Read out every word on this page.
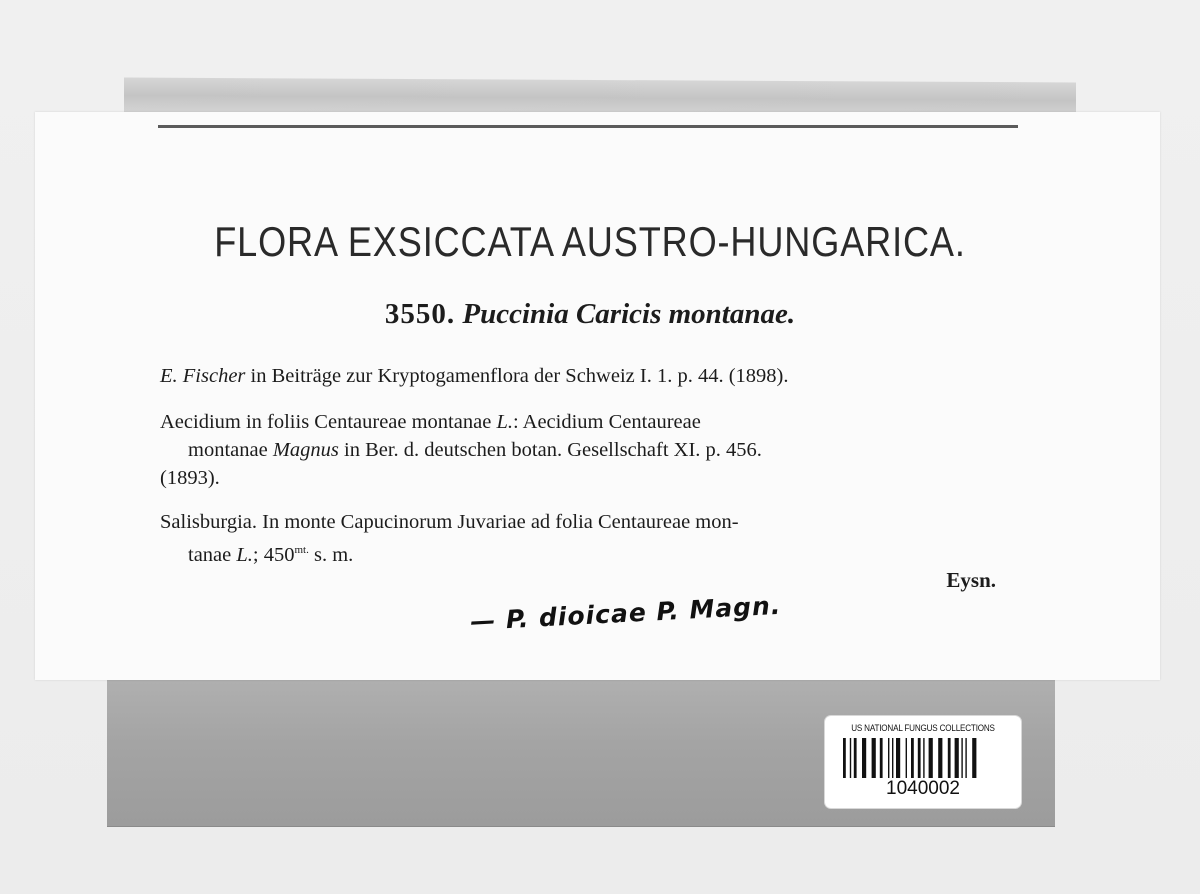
FLORA EXSICCATA AUSTRO-HUNGARICA.

3550. Puccinia Caricis montanae.

E. Fischer in Beiträge zur Kryptogamenflora der Schweiz I. 1. p. 44. (1898).

Aecidium in foliis Centaureae montanae L.: Aecidium Centaureae
montanae Magnus in Ber. d. deutschen botan. Gesellschaft XI. p. 456.
(1893).

Salisburgia. In monte Capucinorum Juvariae ad folia Centaureae mon-
tanae L.; $450^{mt.}$ s. m.

Eysn.

— P. dioicae P. Magn.

US NATIONAL FUNGUS COLLECTIONS

1040002
